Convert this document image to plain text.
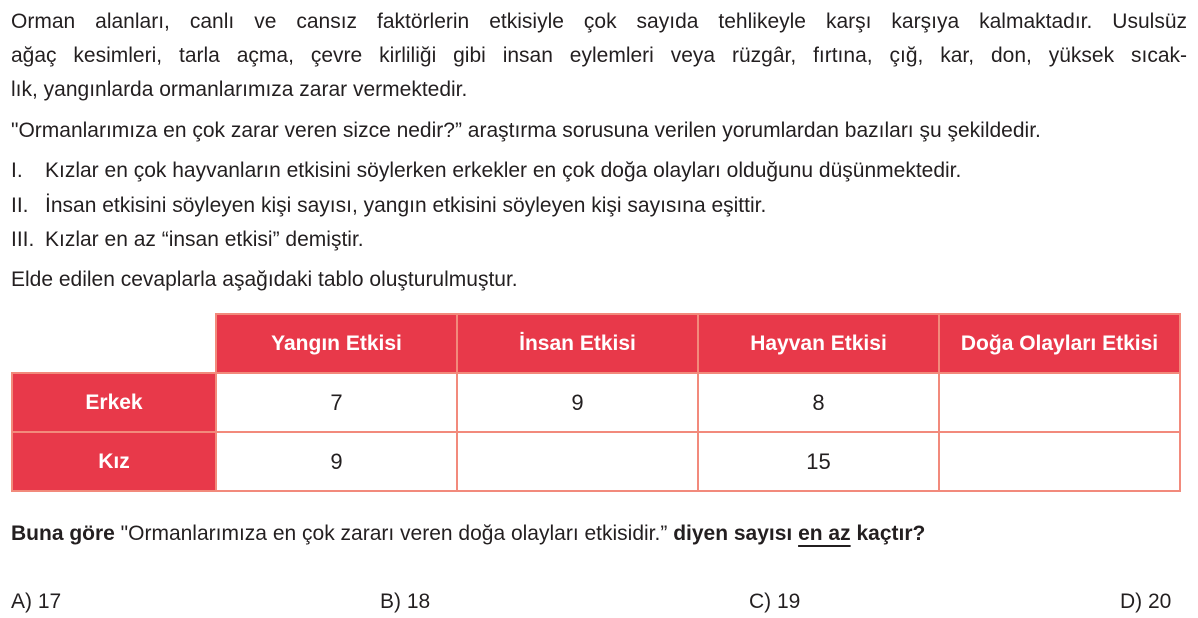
Orman alanları, canlı ve cansız faktörlerin etkisiyle çok sayıda tehlikeyle karşı karşıya kalmaktadır. Usulsüz
ağaç kesimleri, tarla açma, çevre kirliliği gibi insan eylemleri veya rüzgâr, fırtına, çığ, kar, don, yüksek sıcak-
lık, yangınlarda ormanlarımıza zarar vermektedir.
"Ormanlarımıza en çok zarar veren sizce nedir?” araştırma sorusuna verilen yorumlardan bazıları şu şekildedir.
I. Kızlar en çok hayvanların etkisini söylerken erkekler en çok doğa olayları olduğunu düşünmektedir.
II. İnsan etkisini söyleyen kişi sayısı, yangın etkisini söyleyen kişi sayısına eşittir.
III. Kızlar en az “insan etkisi” demiştir.
Elde edilen cevaplarla aşağıdaki tablo oluşturulmuştur.
	Yangın Etkisi	İnsan Etkisi	Hayvan Etkisi	Doğa Olayları Etkisi
Erkek	7	9	8	
Kız	9		15	
Buna göre "Ormanlarımıza en çok zararı veren doğa olayları etkisidir.” diyen sayısı en az kaçtır?
A) 17	B) 18	C) 19	D) 20
